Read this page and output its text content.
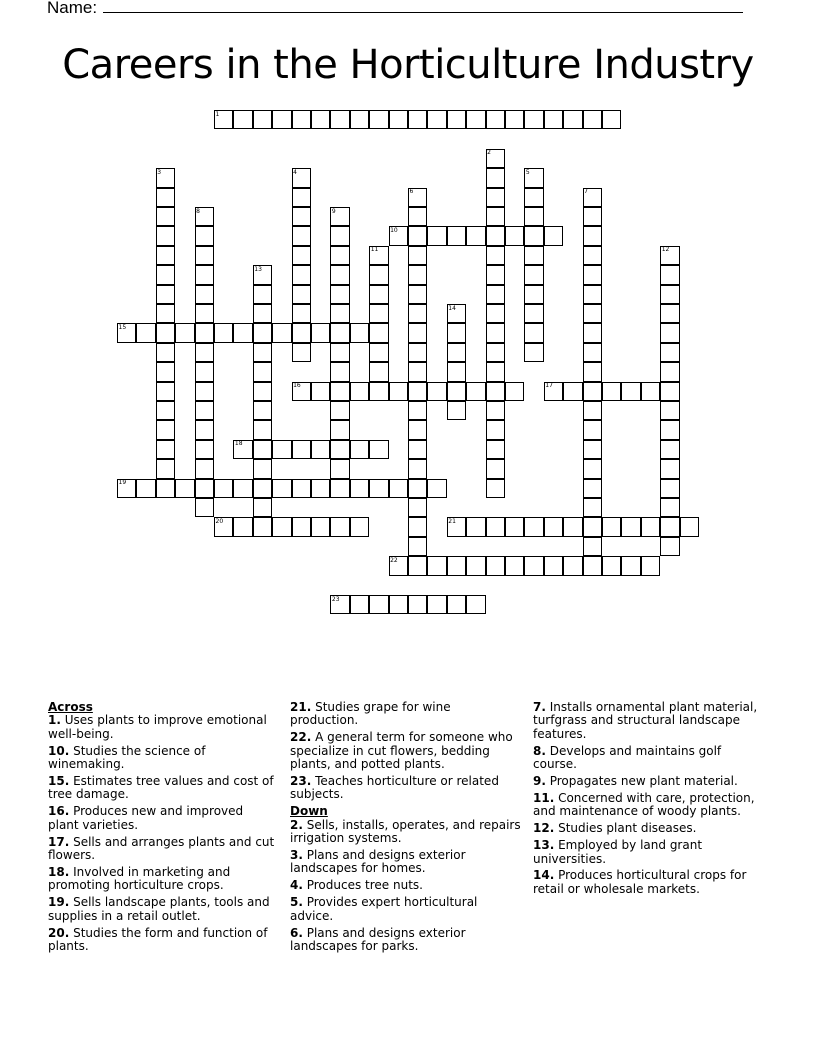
Name:
Careers in the Horticulture Industry
1
10
15
16	17
18
19
20	21
22
23
2
3	4	5
6	7
8	9
11	12
13
14
Across
1. Uses plants to improve emotional well-being.
10. Studies the science of winemaking.
15. Estimates tree values and cost of tree damage.
16. Produces new and improved plant varieties.
17. Sells and arranges plants and cut flowers.
18. Involved in marketing and promoting horticulture crops.
19. Sells landscape plants, tools and supplies in a retail outlet.
20. Studies the form and function of plants.
21. Studies grape for wine production.
22. A general term for someone who specialize in cut flowers, bedding plants, and potted plants.
23. Teaches horticulture or related subjects.
Down
2. Sells, installs, operates, and repairs irrigation systems.
3. Plans and designs exterior landscapes for homes.
4. Produces tree nuts.
5. Provides expert horticultural advice.
6. Plans and designs exterior landscapes for parks.
7. Installs ornamental plant material, turfgrass and structural landscape features.
8. Develops and maintains golf course.
9. Propagates new plant material.
11. Concerned with care, protection, and maintenance of woody plants.
12. Studies plant diseases.
13. Employed by land grant universities.
14. Produces horticultural crops for retail or wholesale markets.
